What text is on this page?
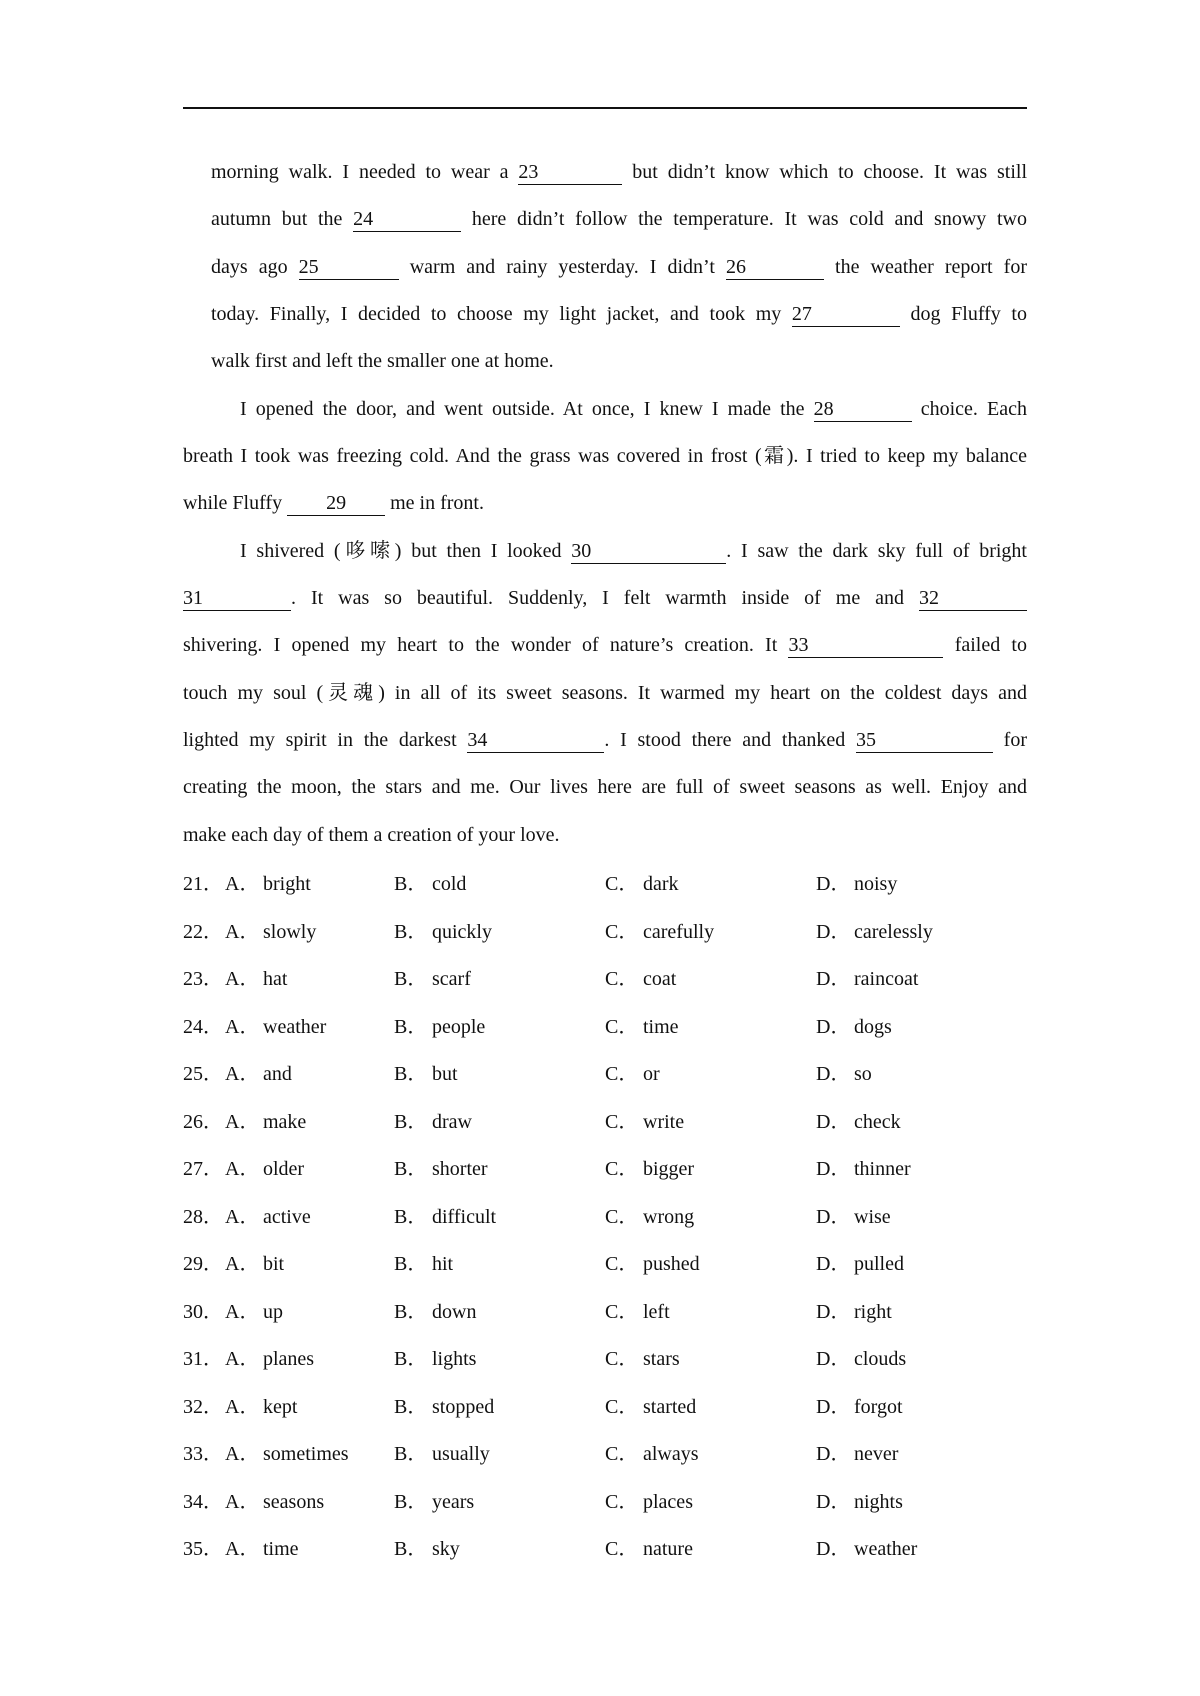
morning walk. I needed to wear a 23	but didn’t know which to choose. It was still
autumn but the 24	here didn’t follow the temperature. It was cold and snowy two
days ago 25	warm and rainy yesterday. I didn’t 26	the weather report for
today. Finally, I decided to choose my light jacket, and took my 27	dog Fluffy to
walk first and left the smaller one at home.
I opened the door, and went outside. At once, I knew I made the 28	choice. Each
breath I took was freezing cold. And the grass was covered in frost (霜). I tried to keep my balance
while Fluffy 29 me in front.
I shivered (哆嗦) but then I looked 30	. I saw the dark sky full of bright
31	. It was so beautiful. Suddenly, I felt warmth inside of me and 32
shivering. I opened my heart to the wonder of nature’s creation. It 33	failed to
touch my soul (灵魂) in all of its sweet seasons. It warmed my heart on the coldest days and
lighted my spirit in the darkest 34	. I stood there and thanked 35	for
creating the moon, the stars and me. Our lives here are full of sweet seasons as well. Enjoy and
make each day of them a creation of your love.
21． A． bright	B． cold	C． dark	D． noisy
22． A． slowly	B． quickly	C． carefully	D． carelessly
23． A． hat	B． scarf	C． coat	D． raincoat
24． A． weather	B． people	C． time	D． dogs
25． A． and	B． but	C． or	D． so
26． A． make	B． draw	C． write	D． check
27． A． older	B． shorter	C． bigger	D． thinner
28． A． active	B． difficult	C． wrong	D． wise
29． A． bit	B． hit	C． pushed	D． pulled
30． A． up	B． down	C． left	D． right
31． A． planes	B． lights	C． stars	D． clouds
32． A． kept	B． stopped	C． started	D． forgot
33． A． sometimes B． usually	C． always	D． never
34． A． seasons	B． years	C． places	D． nights
35． A． time	B． sky	C． nature	D． weather
